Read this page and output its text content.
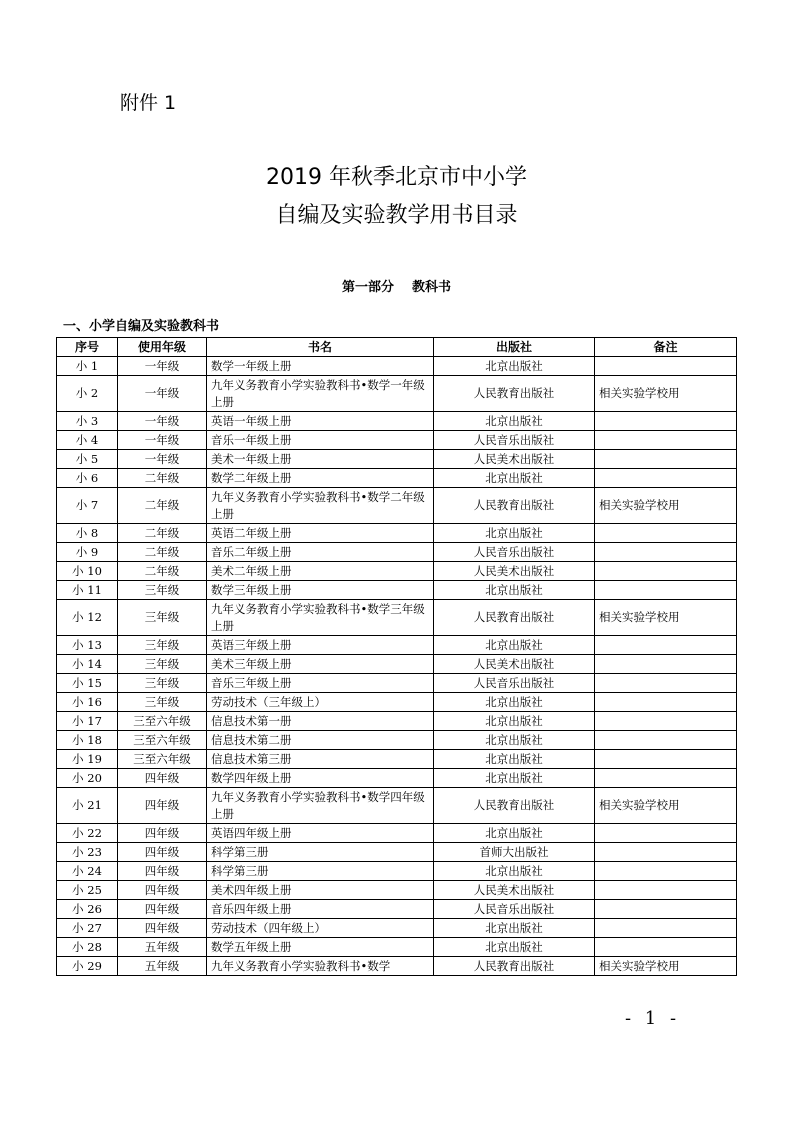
附件 1
2019 年秋季北京市中小学
自编及实验教学用书目录
第一部分 教科书
一、小学自编及实验教科书
序号	使用年级	书名	出版社	备注
小 1	一年级	数学一年级上册	北京出版社	
小 2	一年级	九年义务教育小学实验教科书•数学一年级上册	人民教育出版社	相关实验学校用
小 3	一年级	英语一年级上册	北京出版社	
小 4	一年级	音乐一年级上册	人民音乐出版社	
小 5	一年级	美术一年级上册	人民美术出版社	
小 6	二年级	数学二年级上册	北京出版社	
小 7	二年级	九年义务教育小学实验教科书•数学二年级上册	人民教育出版社	相关实验学校用
小 8	二年级	英语二年级上册	北京出版社	
小 9	二年级	音乐二年级上册	人民音乐出版社	
小 10	二年级	美术二年级上册	人民美术出版社	
小 11	三年级	数学三年级上册	北京出版社	
小 12	三年级	九年义务教育小学实验教科书•数学三年级上册	人民教育出版社	相关实验学校用
小 13	三年级	英语三年级上册	北京出版社	
小 14	三年级	美术三年级上册	人民美术出版社	
小 15	三年级	音乐三年级上册	人民音乐出版社	
小 16	三年级	劳动技术（三年级上）	北京出版社	
小 17	三至六年级	信息技术第一册	北京出版社	
小 18	三至六年级	信息技术第二册	北京出版社	
小 19	三至六年级	信息技术第三册	北京出版社	
小 20	四年级	数学四年级上册	北京出版社	
小 21	四年级	九年义务教育小学实验教科书•数学四年级上册	人民教育出版社	相关实验学校用
小 22	四年级	英语四年级上册	北京出版社	
小 23	四年级	科学第三册	首师大出版社	
小 24	四年级	科学第三册	北京出版社	
小 25	四年级	美术四年级上册	人民美术出版社	
小 26	四年级	音乐四年级上册	人民音乐出版社	
小 27	四年级	劳动技术（四年级上）	北京出版社	
小 28	五年级	数学五年级上册	北京出版社	
小 29	五年级	九年义务教育小学实验教科书•数学	人民教育出版社	相关实验学校用
- 1 -
